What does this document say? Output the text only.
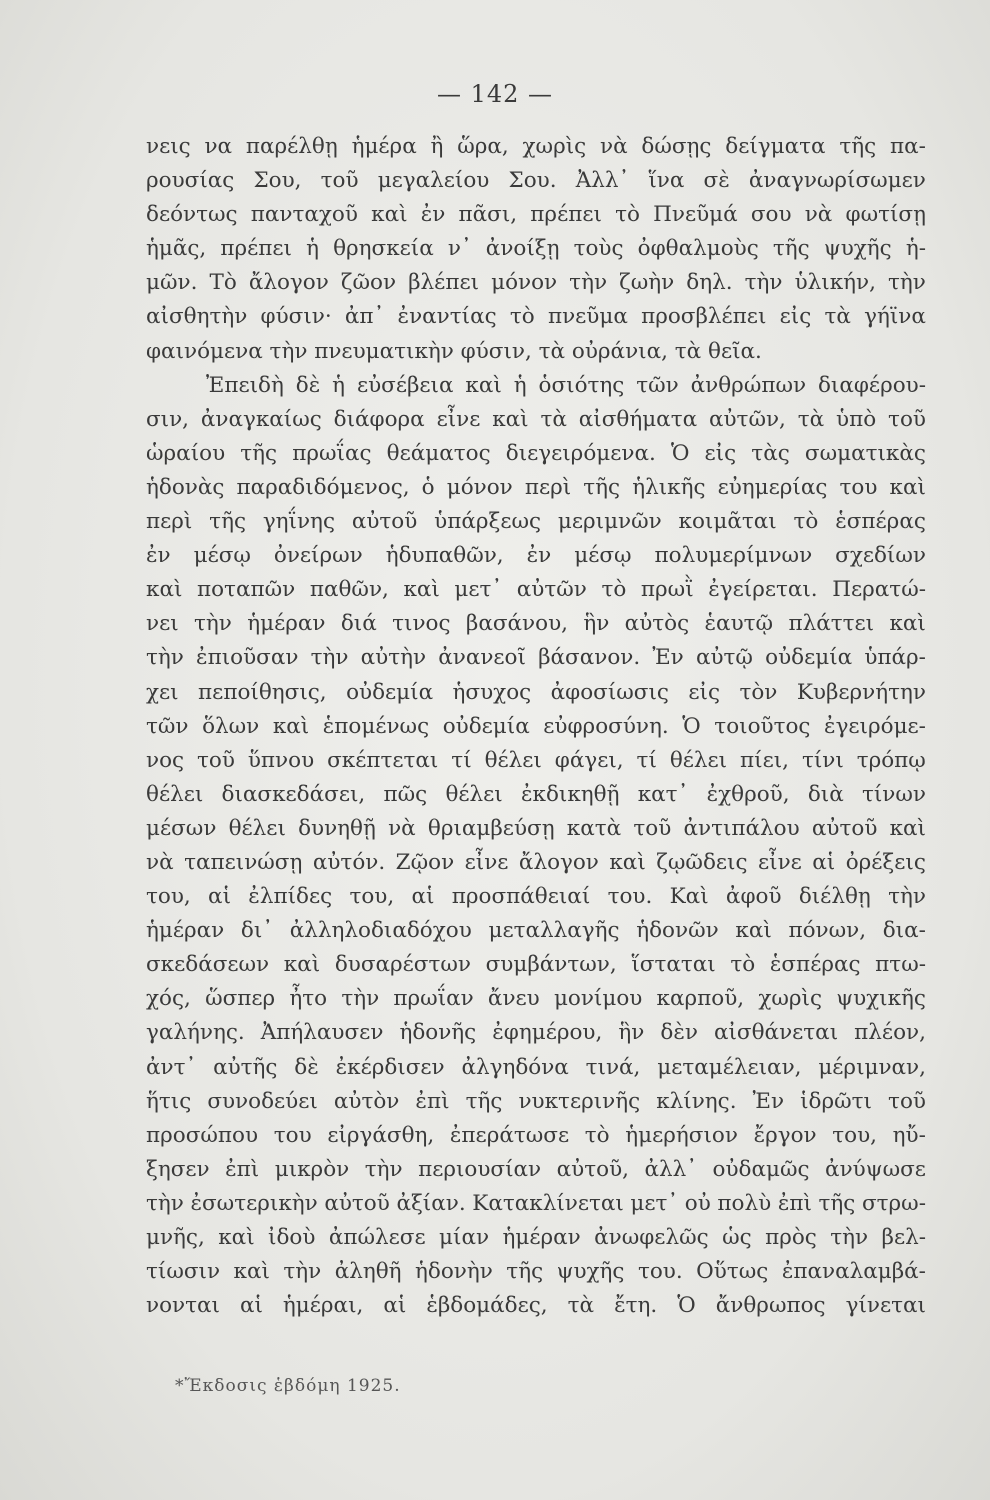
— 142 —
νεις να παρέλθῃ ἡμέρα ἢ ὥρα, χωρὶς νὰ δώσῃς δείγματα τῆς πα-
ρουσίας Σου, τοῦ μεγαλείου Σου. Ἀλλ᾽ ἵνα σὲ ἀναγνωρίσωμεν
δεόντως πανταχοῦ καὶ ἐν πᾶσι, πρέπει τὸ Πνεῦμά σου νὰ φωτίσῃ
ἡμᾶς, πρέπει ἡ θρησκεία ν᾽ ἀνοίξῃ τοὺς ὀφθαλμοὺς τῆς ψυχῆς ἡ-
μῶν. Τὸ ἄλογον ζῶον βλέπει μόνον τὴν ζωὴν δηλ. τὴν ὑλικήν, τὴν
αἰσθητὴν φύσιν· ἀπ᾽ ἐναντίας τὸ πνεῦμα προσβλέπει εἰς τὰ γήϊνα
φαινόμενα τὴν πνευματικὴν φύσιν, τὰ οὐράνια, τὰ θεῖα.
Ἐπειδὴ δὲ ἡ εὐσέβεια καὶ ἡ ὁσιότης τῶν ἀνθρώπων διαφέρου-
σιν, ἀναγκαίως διάφορα εἶνε καὶ τὰ αἰσθήματα αὐτῶν, τὰ ὑπὸ τοῦ
ὡραίου τῆς πρωΐας θεάματος διεγειρόμενα. Ὁ εἰς τὰς σωματικὰς
ἡδονὰς παραδιδόμενος, ὁ μόνον περὶ τῆς ἡλικῆς εὐημερίας του καὶ
περὶ τῆς γηΐνης αὐτοῦ ὑπάρξεως μεριμνῶν κοιμᾶται τὸ ἑσπέρας
ἐν μέσῳ ὀνείρων ἡδυπαθῶν, ἐν μέσῳ πολυμερίμνων σχεδίων
καὶ ποταπῶν παθῶν, καὶ μετ᾽ αὐτῶν τὸ πρωῒ ἐγείρεται. Περατώ-
νει τὴν ἡμέραν διά τινος βασάνου, ἣν αὐτὸς ἑαυτῷ πλάττει καὶ
τὴν ἐπιοῦσαν τὴν αὐτὴν ἀνανεοῖ βάσανον. Ἐν αὐτῷ οὐδεμία ὑπάρ-
χει πεποίθησις, οὐδεμία ἡσυχος ἀφοσίωσις εἰς τὸν Κυβερνήτην
τῶν ὅλων καὶ ἑπομένως οὐδεμία εὐφροσύνη. Ὁ τοιοῦτος ἐγειρόμε-
νος τοῦ ὕπνου σκέπτεται τί θέλει φάγει, τί θέλει πίει, τίνι τρόπῳ
θέλει διασκεδάσει, πῶς θέλει ἐκδικηθῇ κατ᾽ ἐχθροῦ, διὰ τίνων
μέσων θέλει δυνηθῇ νὰ θριαμβεύσῃ κατὰ τοῦ ἀντιπάλου αὐτοῦ καὶ
νὰ ταπεινώσῃ αὐτόν. Ζῷον εἶνε ἄλογον καὶ ζῳῶδεις εἶνε αἱ ὀρέξεις
του, αἱ ἐλπίδες του, αἱ προσπάθειαί του. Καὶ ἀφοῦ διέλθῃ τὴν
ἡμέραν δι᾽ ἀλληλοδιαδόχου μεταλλαγῆς ἡδονῶν καὶ πόνων, δια-
σκεδάσεων καὶ δυσαρέστων συμβάντων, ἵσταται τὸ ἑσπέρας πτω-
χός, ὥσπερ ἦτο τὴν πρωΐαν ἄνευ μονίμου καρποῦ, χωρὶς ψυχικῆς
γαλήνης. Ἀπήλαυσεν ἡδονῆς ἐφημέρου, ἣν δὲν αἰσθάνεται πλέον,
ἀντ᾽ αὐτῆς δὲ ἐκέρδισεν ἀλγηδόνα τινά, μεταμέλειαν, μέριμναν,
ἥτις συνοδεύει αὐτὸν ἐπὶ τῆς νυκτερινῆς κλίνης. Ἐν ἱδρῶτι τοῦ
προσώπου του εἰργάσθη, ἐπεράτωσε τὸ ἡμερήσιον ἔργον του, ηὔ-
ξησεν ἐπὶ μικρὸν τὴν περιουσίαν αὐτοῦ, ἀλλ᾽ οὐδαμῶς ἀνύψωσε
τὴν ἐσωτερικὴν αὐτοῦ ἀξίαν. Κατακλίνεται μετ᾽ οὐ πολὺ ἐπὶ τῆς στρω-
μνῆς, καὶ ἰδοὺ ἀπώλεσε μίαν ἡμέραν ἀνωφελῶς ὡς πρὸς τὴν βελ-
τίωσιν καὶ τὴν ἀληθῆ ἡδονὴν τῆς ψυχῆς του. Οὕτως ἐπαναλαμβά-
νονται αἱ ἡμέραι, αἱ ἑβδομάδες, τὰ ἔτη. Ὁ ἄνθρωπος γίνεται
*Ἔκδοσις ἑβδόμη 1925.
